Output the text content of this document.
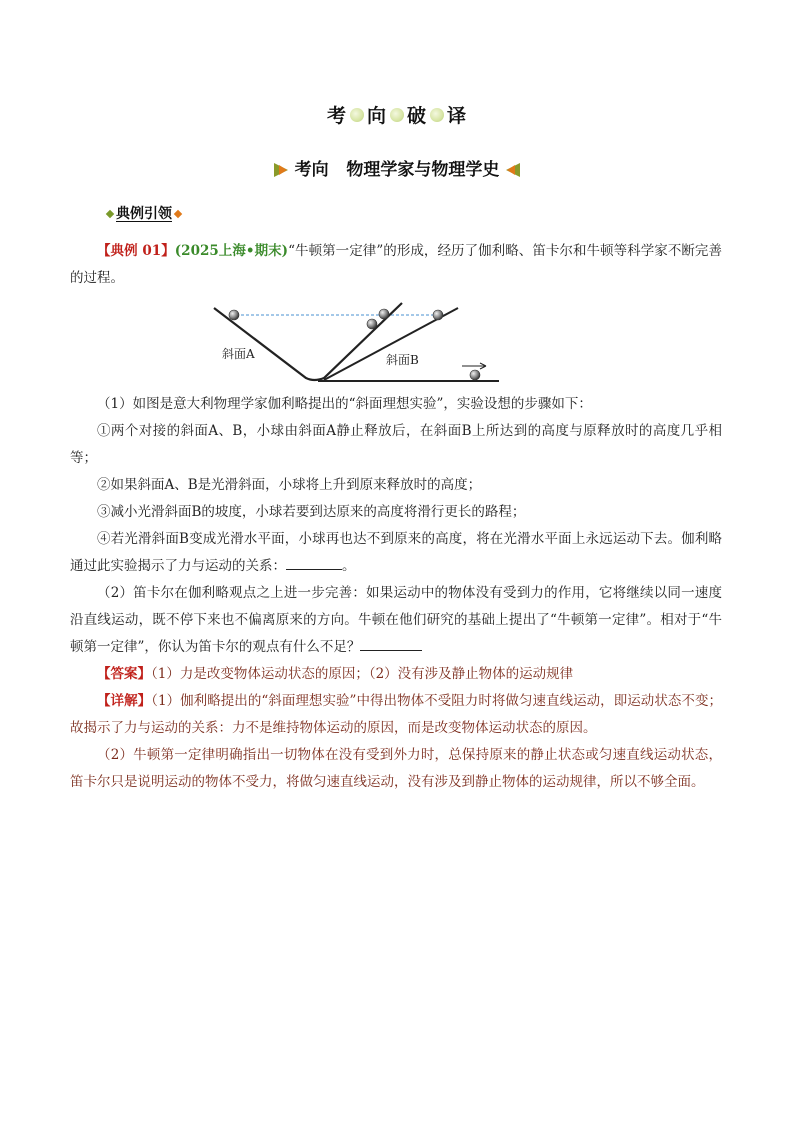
考 向 破 译
考向   物理学家与物理学史
典例引领

【典例 01】(2025上海•期末)“牛顿第一定律”的形成，经历了伽利略、笛卡尔和牛顿等科学家不断完善的过程。

斜面A	斜面B

（1）如图是意大利物理学家伽利略提出的“斜面理想实验”，实验设想的步骤如下：

①两个对接的斜面A、B，小球由斜面A静止释放后，在斜面B上所达到的高度与原释放时的高度几乎相等；

②如果斜面A、B是光滑斜面，小球将上升到原来释放时的高度；

③减小光滑斜面B的坡度，小球若要到达原来的高度将滑行更长的路程；

④若光滑斜面B变成光滑水平面，小球再也达不到原来的高度，将在光滑水平面上永远运动下去。伽利略通过此实验揭示了力与运动的关系：	。

（2）笛卡尔在伽利略观点之上进一步完善：如果运动中的物体没有受到力的作用，它将继续以同一速度沿直线运动，既不停下来也不偏离原来的方向。牛顿在他们研究的基础上提出了“牛顿第一定律”。相对于“牛顿第一定律”，你认为笛卡尔的观点有什么不足？

【答案】（1）力是改变物体运动状态的原因；（2）没有涉及静止物体的运动规律

【详解】（1）伽利略提出的“斜面理想实验”中得出物体不受阻力时将做匀速直线运动，即运动状态不变；故揭示了力与运动的关系：力不是维持物体运动的原因，而是改变物体运动状态的原因。

（2）牛顿第一定律明确指出一切物体在没有受到外力时，总保持原来的静止状态或匀速直线运动状态，笛卡尔只是说明运动的物体不受力，将做匀速直线运动，没有涉及到静止物体的运动规律，所以不够全面。
